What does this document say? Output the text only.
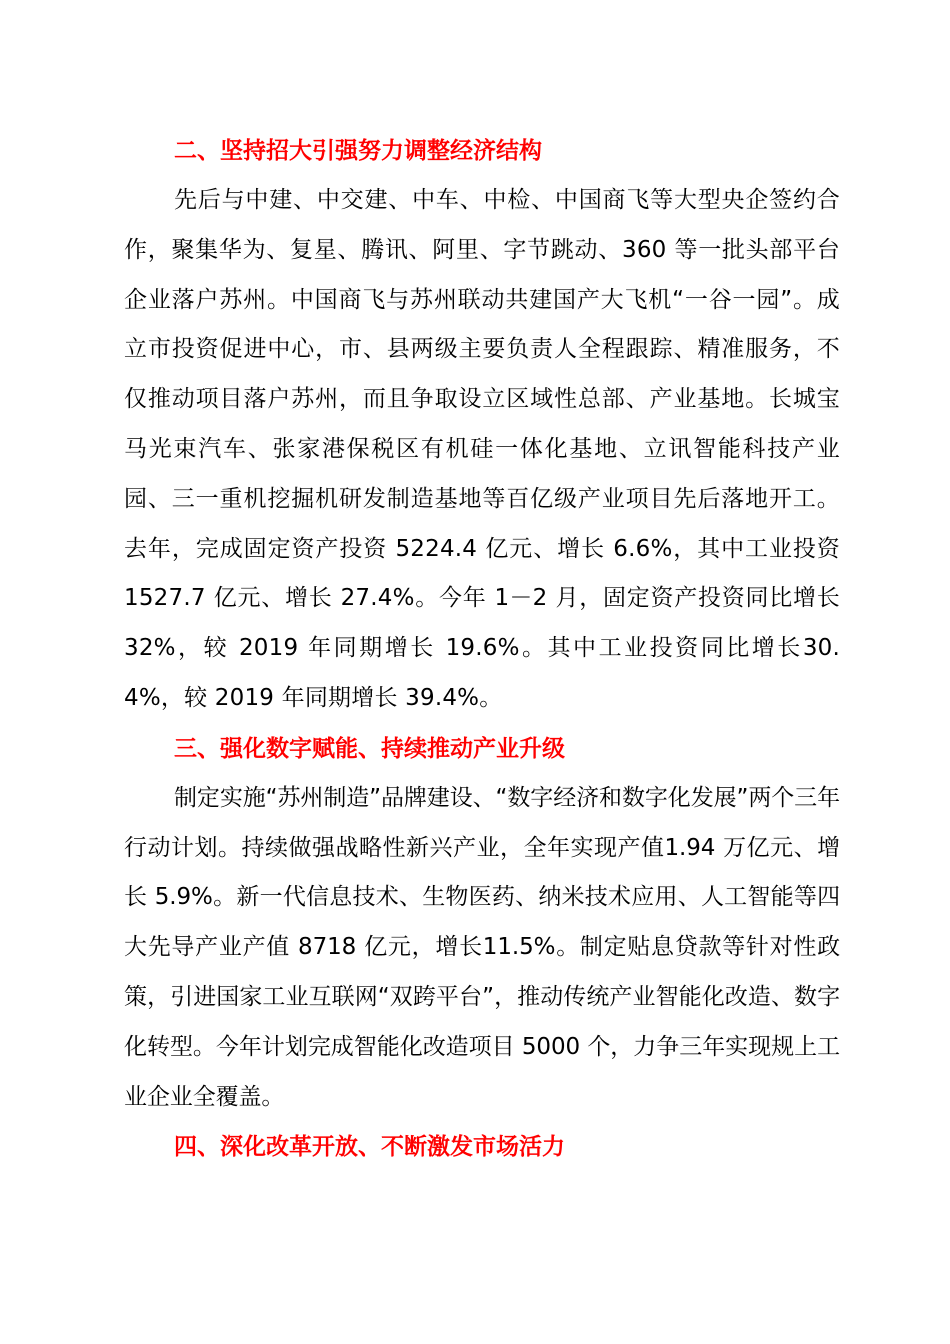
二、坚持招大引强努力调整经济结构

先后与中建、中交建、中车、中检、中国商飞等大型央企签约合作，聚集华为、复星、腾讯、阿里、字节跳动、360 等一批头部平台企业落户苏州。中国商飞与苏州联动共建国产大飞机“一谷一园”。成立市投资促进中心，市、县两级主要负责人全程跟踪、精准服务，不仅推动项目落户苏州，而且争取设立区域性总部、产业基地。长城宝马光束汽车、张家港保税区有机硅一体化基地、立讯智能科技产业园、三一重机挖掘机研发制造基地等百亿级产业项目先后落地开工。去年，完成固定资产投资 5224.4 亿元、增长 6.6%，其中工业投资 1527.7 亿元、增长 27.4%。今年 1－2 月，固定资产投资同比增长32%，较 2019 年同期增长 19.6%。其中工业投资同比增长30.4%，较 2019 年同期增长 39.4%。

三、强化数字赋能、持续推动产业升级

制定实施“苏州制造”品牌建设、“数字经济和数字化发展”两个三年行动计划。持续做强战略性新兴产业，全年实现产值1.94 万亿元、增长 5.9%。新一代信息技术、生物医药、纳米技术应用、人工智能等四大先导产业产值 8718 亿元，增长11.5%。制定贴息贷款等针对性政策，引进国家工业互联网“双跨平台”，推动传统产业智能化改造、数字化转型。今年计划完成智能化改造项目 5000 个，力争三年实现规上工业企业全覆盖。

四、深化改革开放、不断激发市场活力
